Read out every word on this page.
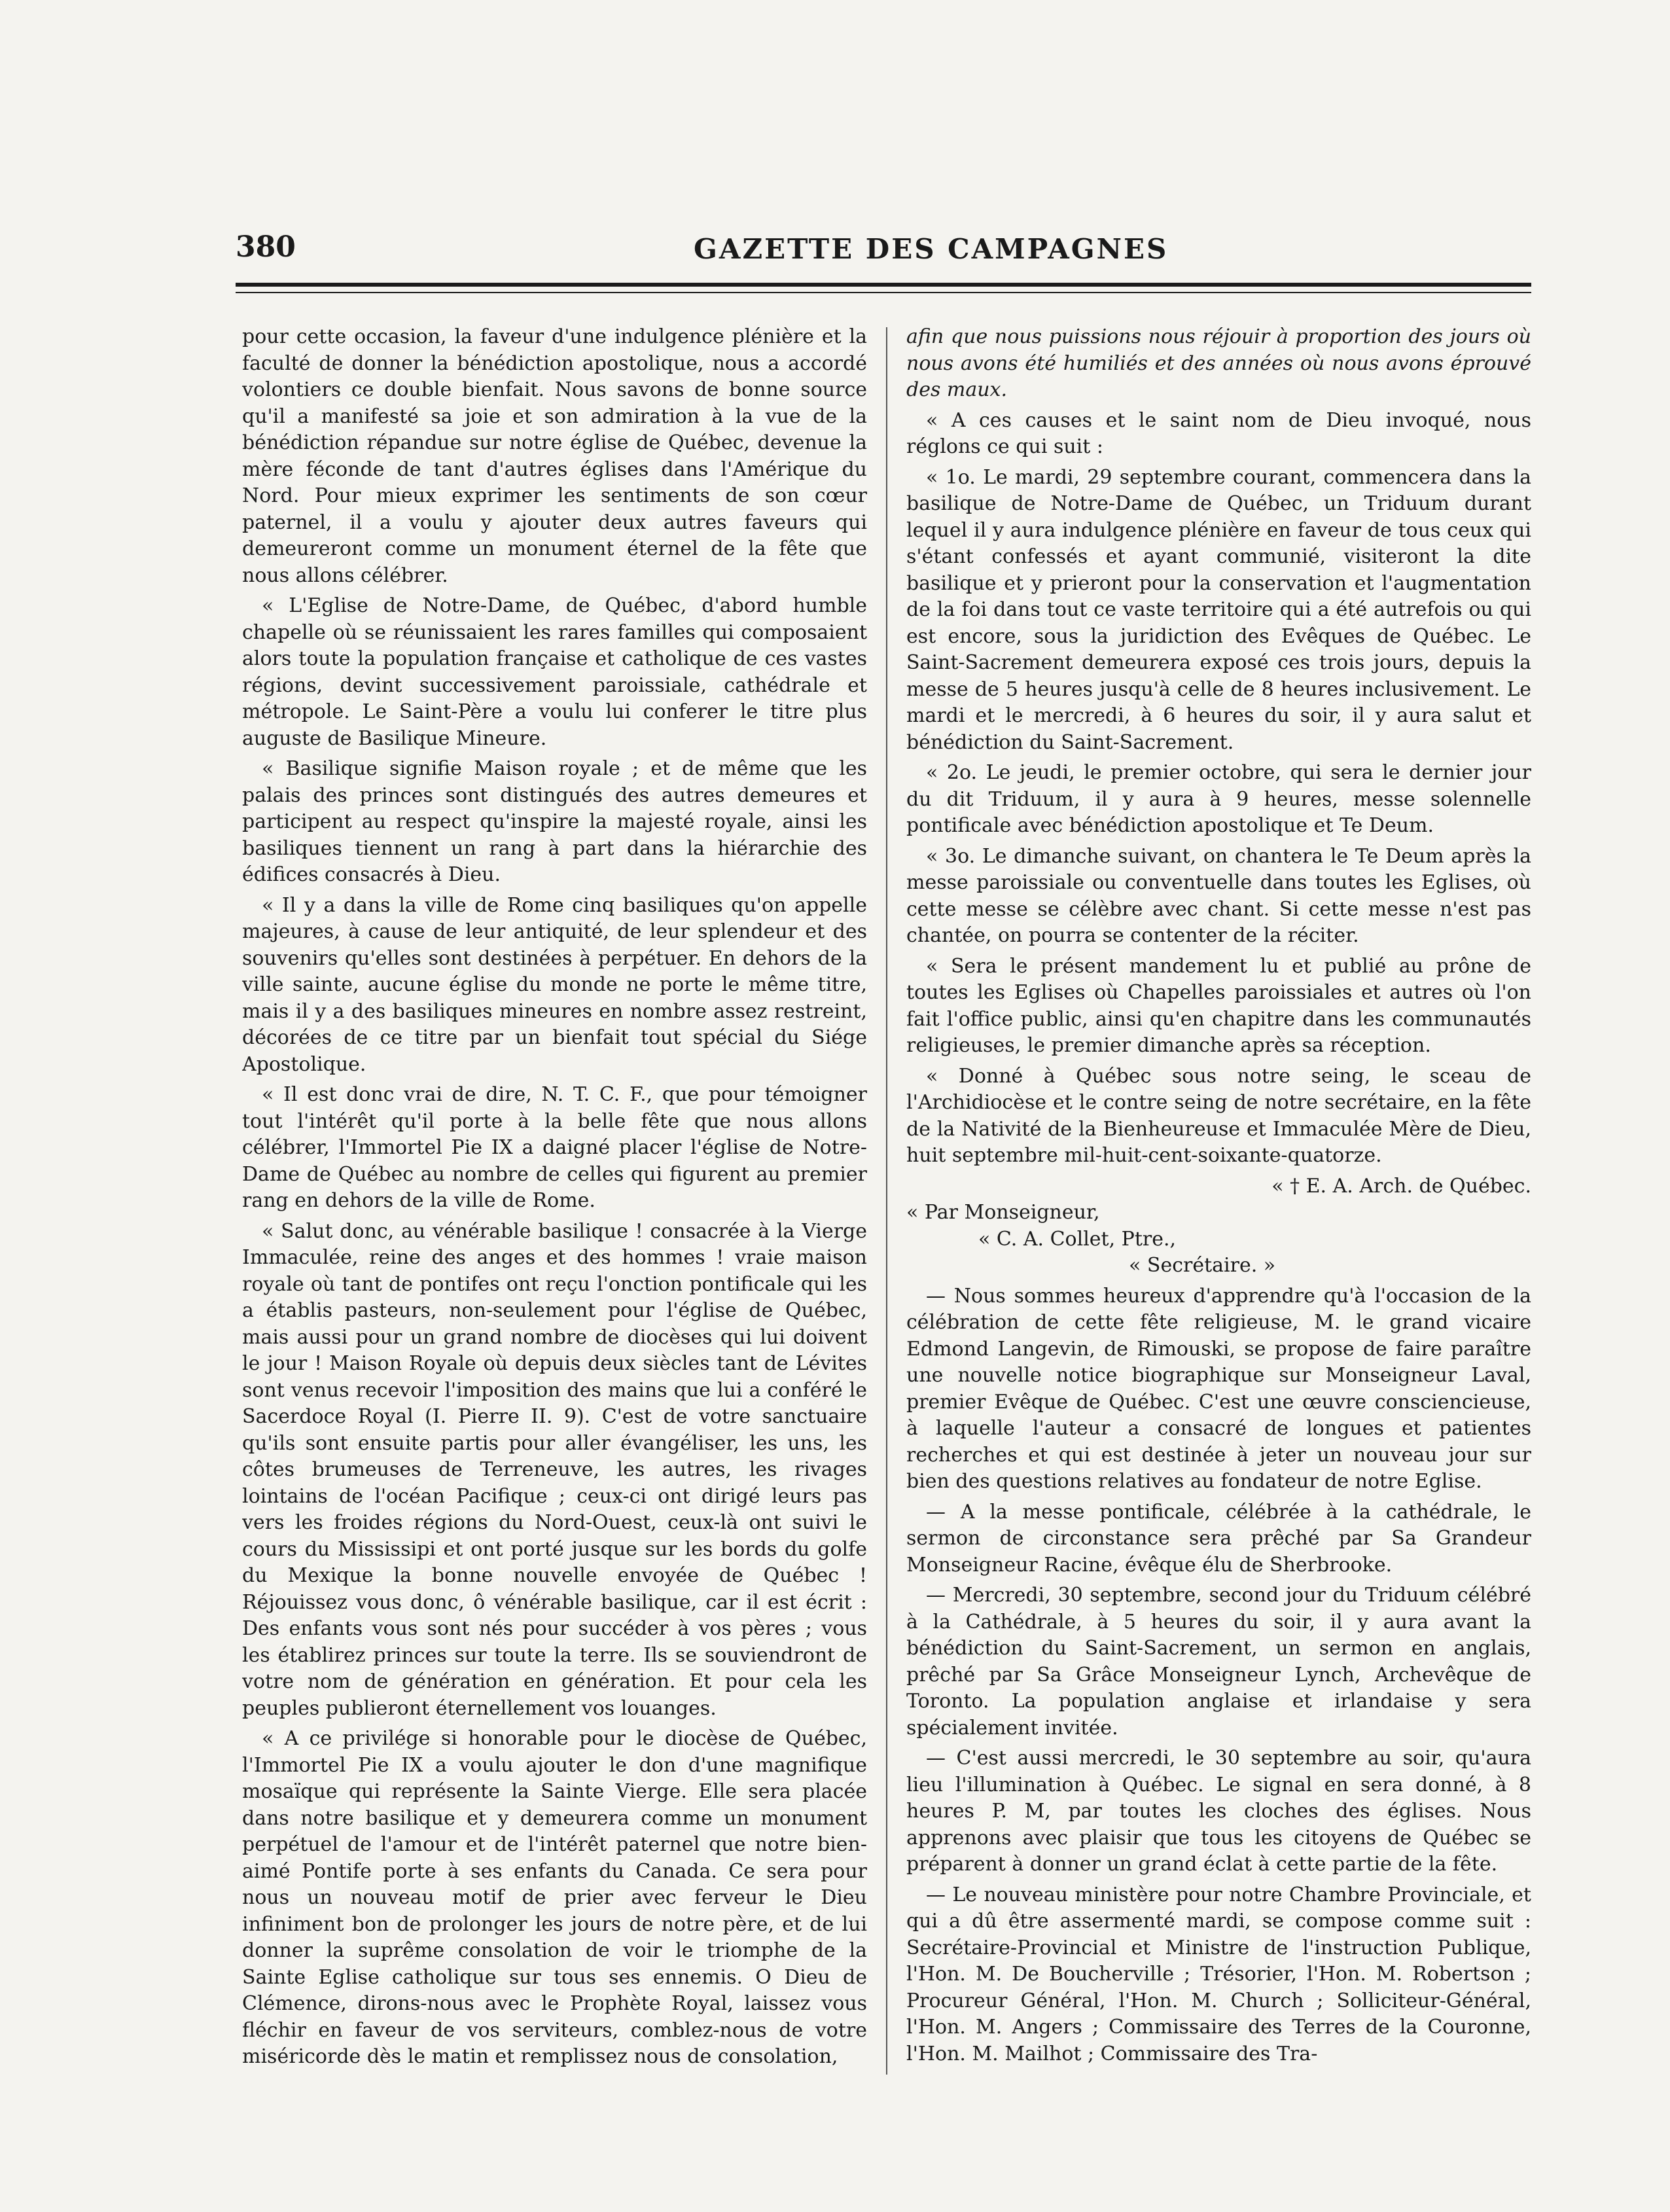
380	GAZETTE DES CAMPAGNES

pour cette occasion, la faveur d'une indulgence plénière et la faculté de donner la bénédiction apostolique, nous a accordé volontiers ce double bienfait. Nous savons de bonne source qu'il a manifesté sa joie et son admiration à la vue de la bénédiction répandue sur notre église de Québec, devenue la mère féconde de tant d'autres églises dans l'Amérique du Nord. Pour mieux exprimer les sentiments de son cœur paternel, il a voulu y ajouter deux autres faveurs qui demeureront comme un monument éternel de la fête que nous allons célébrer.

« L'Eglise de Notre-Dame, de Québec, d'abord humble chapelle où se réunissaient les rares familles qui composaient alors toute la population française et catholique de ces vastes régions, devint successivement paroissiale, cathédrale et métropole. Le Saint-Père a voulu lui conferer le titre plus auguste de Basilique Mineure.

« Basilique signifie Maison royale ; et de même que les palais des princes sont distingués des autres demeures et participent au respect qu'inspire la majesté royale, ainsi les basiliques tiennent un rang à part dans la hiérarchie des édifices consacrés à Dieu.

« Il y a dans la ville de Rome cinq basiliques qu'on appelle majeures, à cause de leur antiquité, de leur splendeur et des souvenirs qu'elles sont destinées à perpétuer. En dehors de la ville sainte, aucune église du monde ne porte le même titre, mais il y a des basiliques mineures en nombre assez restreint, décorées de ce titre par un bienfait tout spécial du Siége Apostolique.

« Il est donc vrai de dire, N. T. C. F., que pour témoigner tout l'intérêt qu'il porte à la belle fête que nous allons célébrer, l'Immortel Pie IX a daigné placer l'église de Notre-Dame de Québec au nombre de celles qui figurent au premier rang en dehors de la ville de Rome.

« Salut donc, au vénérable basilique ! consacrée à la Vierge Immaculée, reine des anges et des hommes ! vraie maison royale où tant de pontifes ont reçu l'onction pontificale qui les a établis pasteurs, non-seulement pour l'église de Québec, mais aussi pour un grand nombre de diocèses qui lui doivent le jour ! Maison Royale où depuis deux siècles tant de Lévites sont venus recevoir l'imposition des mains que lui a conféré le Sacerdoce Royal (I. Pierre II. 9). C'est de votre sanctuaire qu'ils sont ensuite partis pour aller évangéliser, les uns, les côtes brumeuses de Terreneuve, les autres, les rivages lointains de l'océan Pacifique ; ceux-ci ont dirigé leurs pas vers les froides régions du Nord-Ouest, ceux-là ont suivi le cours du Mississipi et ont porté jusque sur les bords du golfe du Mexique la bonne nouvelle envoyée de Québec ! Réjouissez vous donc, ô vénérable basilique, car il est écrit : Des enfants vous sont nés pour succéder à vos pères ; vous les établirez princes sur toute la terre. Ils se souviendront de votre nom de génération en génération. Et pour cela les peuples publieront éternellement vos louanges.

« A ce privilége si honorable pour le diocèse de Québec, l'Immortel Pie IX a voulu ajouter le don d'une magnifique mosaïque qui représente la Sainte Vierge. Elle sera placée dans notre basilique et y demeurera comme un monument perpétuel de l'amour et de l'intérêt paternel que notre bien-aimé Pontife porte à ses enfants du Canada. Ce sera pour nous un nouveau motif de prier avec ferveur le Dieu infiniment bon de prolonger les jours de notre père, et de lui donner la suprême consolation de voir le triomphe de la Sainte Eglise catholique sur tous ses ennemis. O Dieu de Clémence, dirons-nous avec le Prophète Royal, laissez vous fléchir en faveur de vos serviteurs, comblez-nous de votre miséricorde dès le matin et remplissez nous de consolation,

afin que nous puissions nous réjouir à proportion des jours où nous avons été humiliés et des années où nous avons éprouvé des maux.

« A ces causes et le saint nom de Dieu invoqué, nous réglons ce qui suit :

« 1o. Le mardi, 29 septembre courant, commencera dans la basilique de Notre-Dame de Québec, un Triduum durant lequel il y aura indulgence plénière en faveur de tous ceux qui s'étant confessés et ayant communié, visiteront la dite basilique et y prieront pour la conservation et l'augmentation de la foi dans tout ce vaste territoire qui a été autrefois ou qui est encore, sous la juridiction des Evêques de Québec. Le Saint-Sacrement demeurera exposé ces trois jours, depuis la messe de 5 heures jusqu'à celle de 8 heures inclusivement. Le mardi et le mercredi, à 6 heures du soir, il y aura salut et bénédiction du Saint-Sacrement.

« 2o. Le jeudi, le premier octobre, qui sera le dernier jour du dit Triduum, il y aura à 9 heures, messe solennelle pontificale avec bénédiction apostolique et Te Deum.

« 3o. Le dimanche suivant, on chantera le Te Deum après la messe paroissiale ou conventuelle dans toutes les Eglises, où cette messe se célèbre avec chant. Si cette messe n'est pas chantée, on pourra se contenter de la réciter.

« Sera le présent mandement lu et publié au prône de toutes les Eglises où Chapelles paroissiales et autres où l'on fait l'office public, ainsi qu'en chapitre dans les communautés religieuses, le premier dimanche après sa réception.

« Donné à Québec sous notre seing, le sceau de l'Archidiocèse et le contre seing de notre secrétaire, en la fête de la Nativité de la Bienheureuse et Immaculée Mère de Dieu, huit septembre mil-huit-cent-soixante-quatorze.

« † E. A. Arch. de Québec.

« Par Monseigneur,

« C. A. Collet, Ptre.,

« Secrétaire. »

— Nous sommes heureux d'apprendre qu'à l'occasion de la célébration de cette fête religieuse, M. le grand vicaire Edmond Langevin, de Rimouski, se propose de faire paraître une nouvelle notice biographique sur Monseigneur Laval, premier Evêque de Québec. C'est une œuvre consciencieuse, à laquelle l'auteur a consacré de longues et patientes recherches et qui est destinée à jeter un nouveau jour sur bien des questions relatives au fondateur de notre Eglise.

— A la messe pontificale, célébrée à la cathédrale, le sermon de circonstance sera prêché par Sa Grandeur Monseigneur Racine, évêque élu de Sherbrooke.

— Mercredi, 30 septembre, second jour du Triduum célébré à la Cathédrale, à 5 heures du soir, il y aura avant la bénédiction du Saint-Sacrement, un sermon en anglais, prêché par Sa Grâce Monseigneur Lynch, Archevêque de Toronto. La population anglaise et irlandaise y sera spécialement invitée.

— C'est aussi mercredi, le 30 septembre au soir, qu'aura lieu l'illumination à Québec. Le signal en sera donné, à 8 heures P. M, par toutes les cloches des églises. Nous apprenons avec plaisir que tous les citoyens de Québec se préparent à donner un grand éclat à cette partie de la fête.

— Le nouveau ministère pour notre Chambre Provinciale, et qui a dû être assermenté mardi, se compose comme suit : Secrétaire-Provincial et Ministre de l'instruction Publique, l'Hon. M. De Boucherville ; Trésorier, l'Hon. M. Robertson ; Procureur Général, l'Hon. M. Church ; Solliciteur-Général, l'Hon. M. Angers ; Commissaire des Terres de la Couronne, l'Hon. M. Mailhot ; Commissaire des Tra-
